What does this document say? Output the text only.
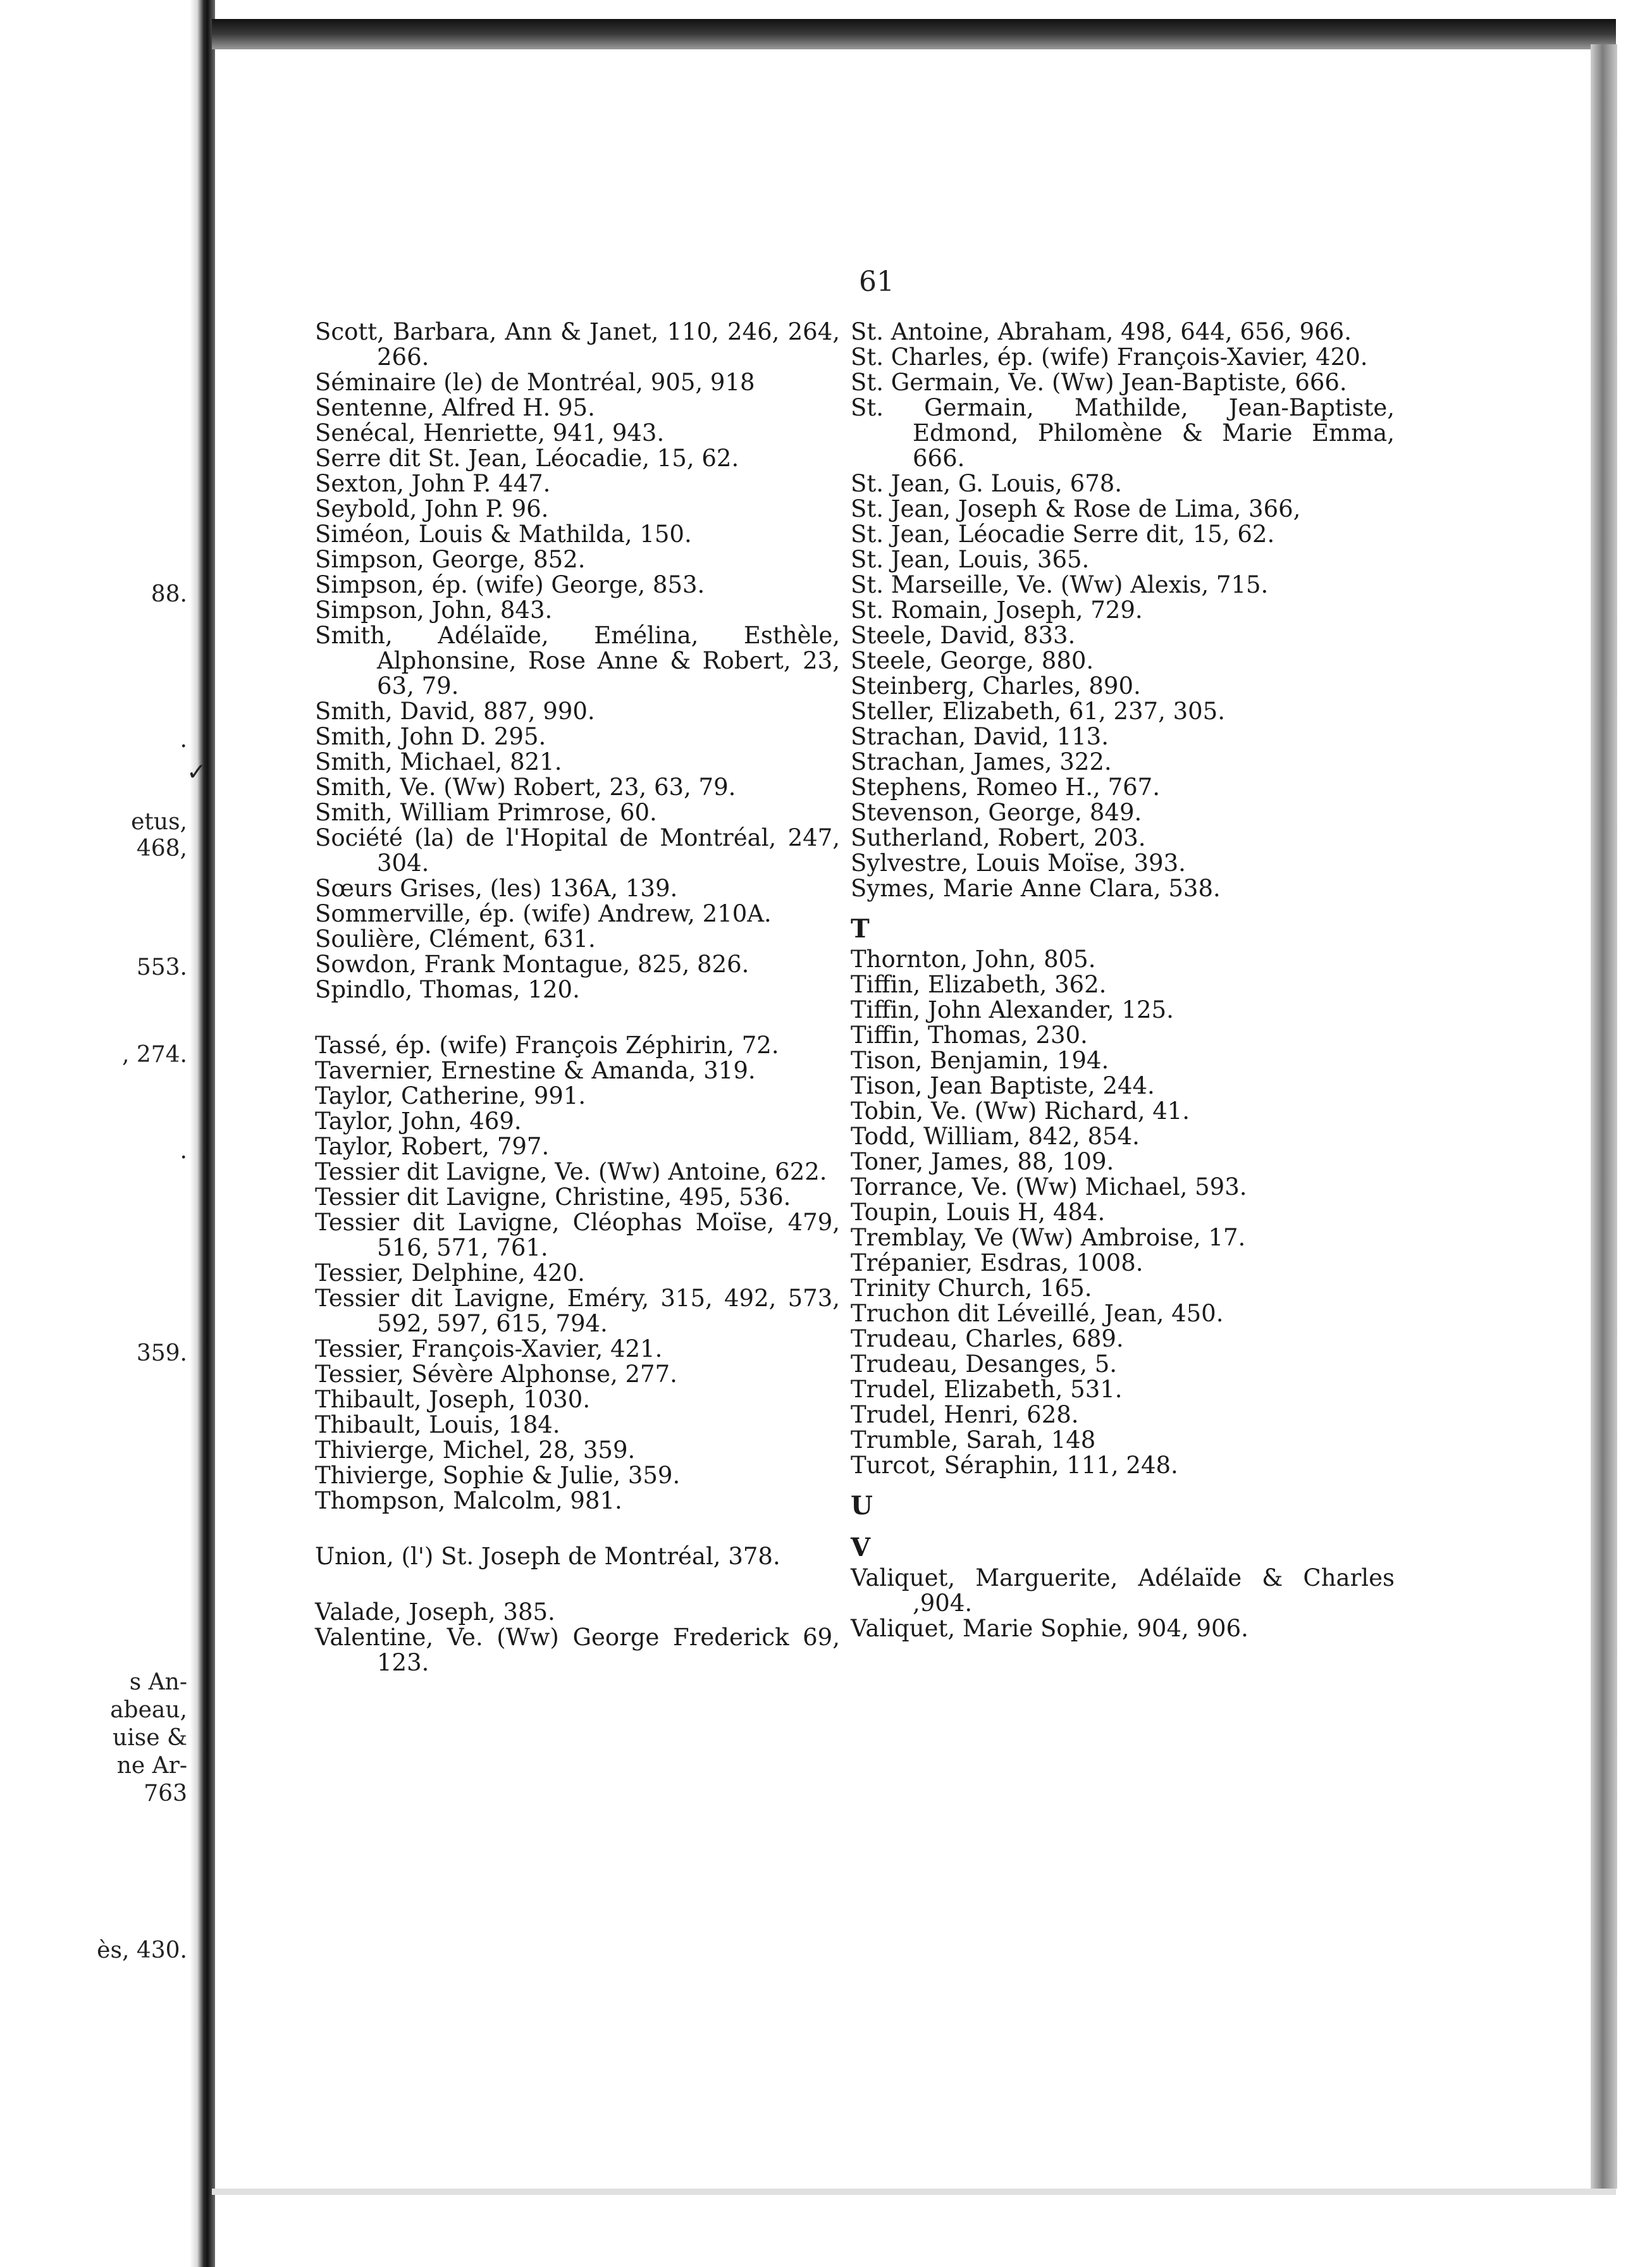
88.
.
etus,
468,
553.
, 274.
.
359.
s An-
abeau,
uise &
ne Ar-
763
ès, 430.
✓
61

Scott, Barbara, Ann & Janet, 110, 246, 264, 266.

Séminaire (le) de Montréal, 905, 918

Sentenne, Alfred H. 95.

Senécal, Henriette, 941, 943.

Serre dit St. Jean, Léocadie, 15, 62.

Sexton, John P. 447.

Seybold, John P. 96.

Siméon, Louis & Mathilda, 150.

Simpson, George, 852.

Simpson, ép. (wife) George, 853.

Simpson, John, 843.

Smith, Adélaïde, Emélina, Esthèle, Alphonsine, Rose Anne & Robert, 23, 63, 79.

Smith, David, 887, 990.

Smith, John D. 295.

Smith, Michael, 821.

Smith, Ve. (Ww) Robert, 23, 63, 79.

Smith, William Primrose, 60.

Société (la) de l'Hopital de Montréal, 247, 304.

Sœurs Grises, (les) 136A, 139.

Sommerville, ép. (wife) Andrew, 210A.

Soulière, Clément, 631.

Sowdon, Frank Montague, 825, 826.

Spindlo, Thomas, 120.

Tassé, ép. (wife) François Zéphirin, 72.

Tavernier, Ernestine & Amanda, 319.

Taylor, Catherine, 991.

Taylor, John, 469.

Taylor, Robert, 797.

Tessier dit Lavigne, Ve. (Ww) Antoine, 622.

Tessier dit Lavigne, Christine, 495, 536.

Tessier dit Lavigne, Cléophas Moïse, 479, 516, 571, 761.

Tessier, Delphine, 420.

Tessier dit Lavigne, Eméry, 315, 492, 573, 592, 597, 615, 794.

Tessier, François-Xavier, 421.

Tessier, Sévère Alphonse, 277.

Thibault, Joseph, 1030.

Thibault, Louis, 184.

Thivierge, Michel, 28, 359.

Thivierge, Sophie & Julie, 359.

Thompson, Malcolm, 981.

Union, (l') St. Joseph de Montréal, 378.

Valade, Joseph, 385.

Valentine, Ve. (Ww) George Frederick 69, 123.

St. Antoine, Abraham, 498, 644, 656, 966.

St. Charles, ép. (wife) François-Xavier, 420.

St. Germain, Ve. (Ww) Jean-Baptiste, 666.

St. Germain, Mathilde, Jean-Baptiste, Edmond, Philomène & Marie Emma, 666.

St. Jean, G. Louis, 678.

St. Jean, Joseph & Rose de Lima, 366,

St. Jean, Léocadie Serre dit, 15, 62.

St. Jean, Louis, 365.

St. Marseille, Ve. (Ww) Alexis, 715.

St. Romain, Joseph, 729.

Steele, David, 833.

Steele, George, 880.

Steinberg, Charles, 890.

Steller, Elizabeth, 61, 237, 305.

Strachan, David, 113.

Strachan, James, 322.

Stephens, Romeo H., 767.

Stevenson, George, 849.

Sutherland, Robert, 203.

Sylvestre, Louis Moïse, 393.

Symes, Marie Anne Clara, 538.

T

Thornton, John, 805.

Tiffin, Elizabeth, 362.

Tiffin, John Alexander, 125.

Tiffin, Thomas, 230.

Tison, Benjamin, 194.

Tison, Jean Baptiste, 244.

Tobin, Ve. (Ww) Richard, 41.

Todd, William, 842, 854.

Toner, James, 88, 109.

Torrance, Ve. (Ww) Michael, 593.

Toupin, Louis H, 484.

Tremblay, Ve (Ww) Ambroise, 17.

Trépanier, Esdras, 1008.

Trinity Church, 165.

Truchon dit Léveillé, Jean, 450.

Trudeau, Charles, 689.

Trudeau, Desanges, 5.

Trudel, Elizabeth, 531.

Trudel, Henri, 628.

Trumble, Sarah, 148

Turcot, Séraphin, 111, 248.

U
V

Valiquet, Marguerite, Adélaïde & Charles ,904.

Valiquet, Marie Sophie, 904, 906.
